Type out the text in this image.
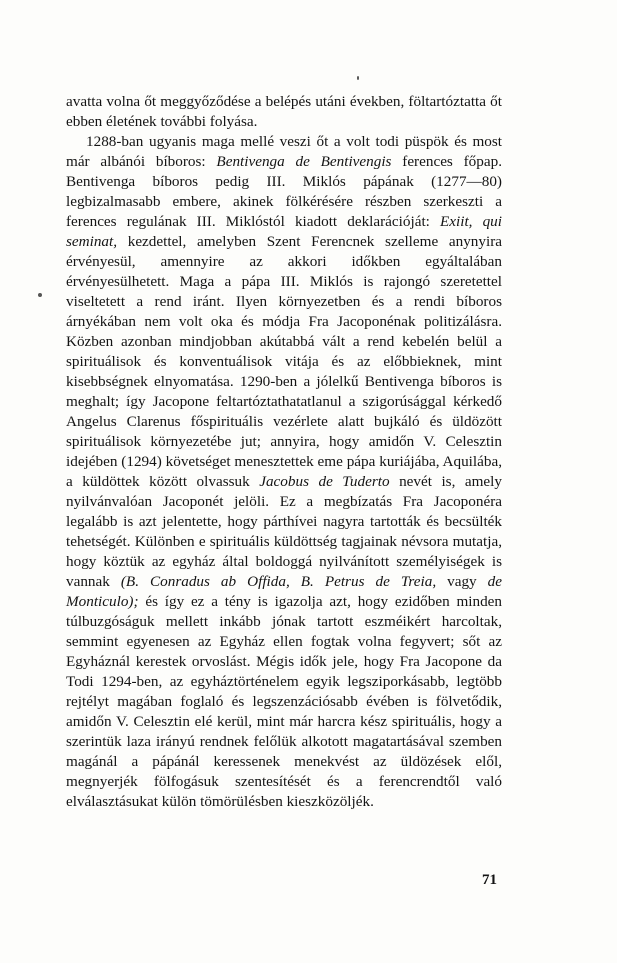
avatta volna őt meggyőződése a belépés utáni években, föltartóztatta őt ebben életének további folyása.

1288-ban ugyanis maga mellé veszi őt a volt todi püspök és most már albánói bíboros: Bentivenga de Bentivengis ferences főpap. Bentivenga bíboros pedig III. Miklós pápának (1277—80) legbizalmasabb embere, akinek fölkérésére részben szerkeszti a ferences regulának III. Miklóstól kiadott deklarációját: Exiit, qui seminat, kezdettel, amelyben Szent Ferencnek szelleme anynyira érvényesül, amennyire az akkori időkben egyáltalában érvényesülhetett. Maga a pápa III. Miklós is rajongó szeretettel viseltetett a rend iránt. Ilyen környezetben és a rendi bíboros árnyékában nem volt oka és módja Fra Jacoponénak politizálásra. Közben azonban mindjobban akútabbá vált a rend kebelén belül a spirituálisok és konventuálisok vitája és az előbbieknek, mint kisebbségnek elnyomatása. 1290-ben a jólelkű Bentivenga bíboros is meghalt; így Jacopone feltartóztathatatlanul a szigorúsággal kérkedő Angelus Clarenus főspirituális vezérlete alatt bujkáló és üldözött spirituálisok környezetébe jut; annyira, hogy amidőn V. Celesztin idejében (1294) követséget menesztettek eme pápa kuriájába, Aquilába, a küldöttek között olvassuk Jacobus de Tuderto nevét is, amely nyilvánvalóan Jacoponét jelöli. Ez a megbízatás Fra Jacoponéra legalább is azt jelentette, hogy párthívei nagyra tartották és becsülték tehetségét. Különben e spirituális küldöttség tagjainak névsora mutatja, hogy köztük az egyház által boldoggá nyilvánított személyiségek is vannak (B. Conradus ab Offida, B. Petrus de Treia, vagy de Monticulo); és így ez a tény is igazolja azt, hogy ezidőben minden túlbuzgóságuk mellett inkább jónak tartott eszméikért harcoltak, semmint egyenesen az Egyház ellen fogtak volna fegyvert; sőt az Egyháznál kerestek orvoslást. Mégis idők jele, hogy Fra Jacopone da Todi 1294-ben, az egyháztörténelem egyik legsziporkásabb, legtöbb rejtélyt magában foglaló és legszenzációsabb évében is fölvetődik, amidőn V. Celesztin elé kerül, mint már harcra kész spirituális, hogy a szerintük laza irányú rendnek felőlük alkotott magatartásával szemben magánál a pápánál keressenek menekvést az üldözések elől, megnyerjék fölfogásuk szentesítését és a ferencrendtől való elválasztásukat külön tömörülésben kieszközöljék.

71
